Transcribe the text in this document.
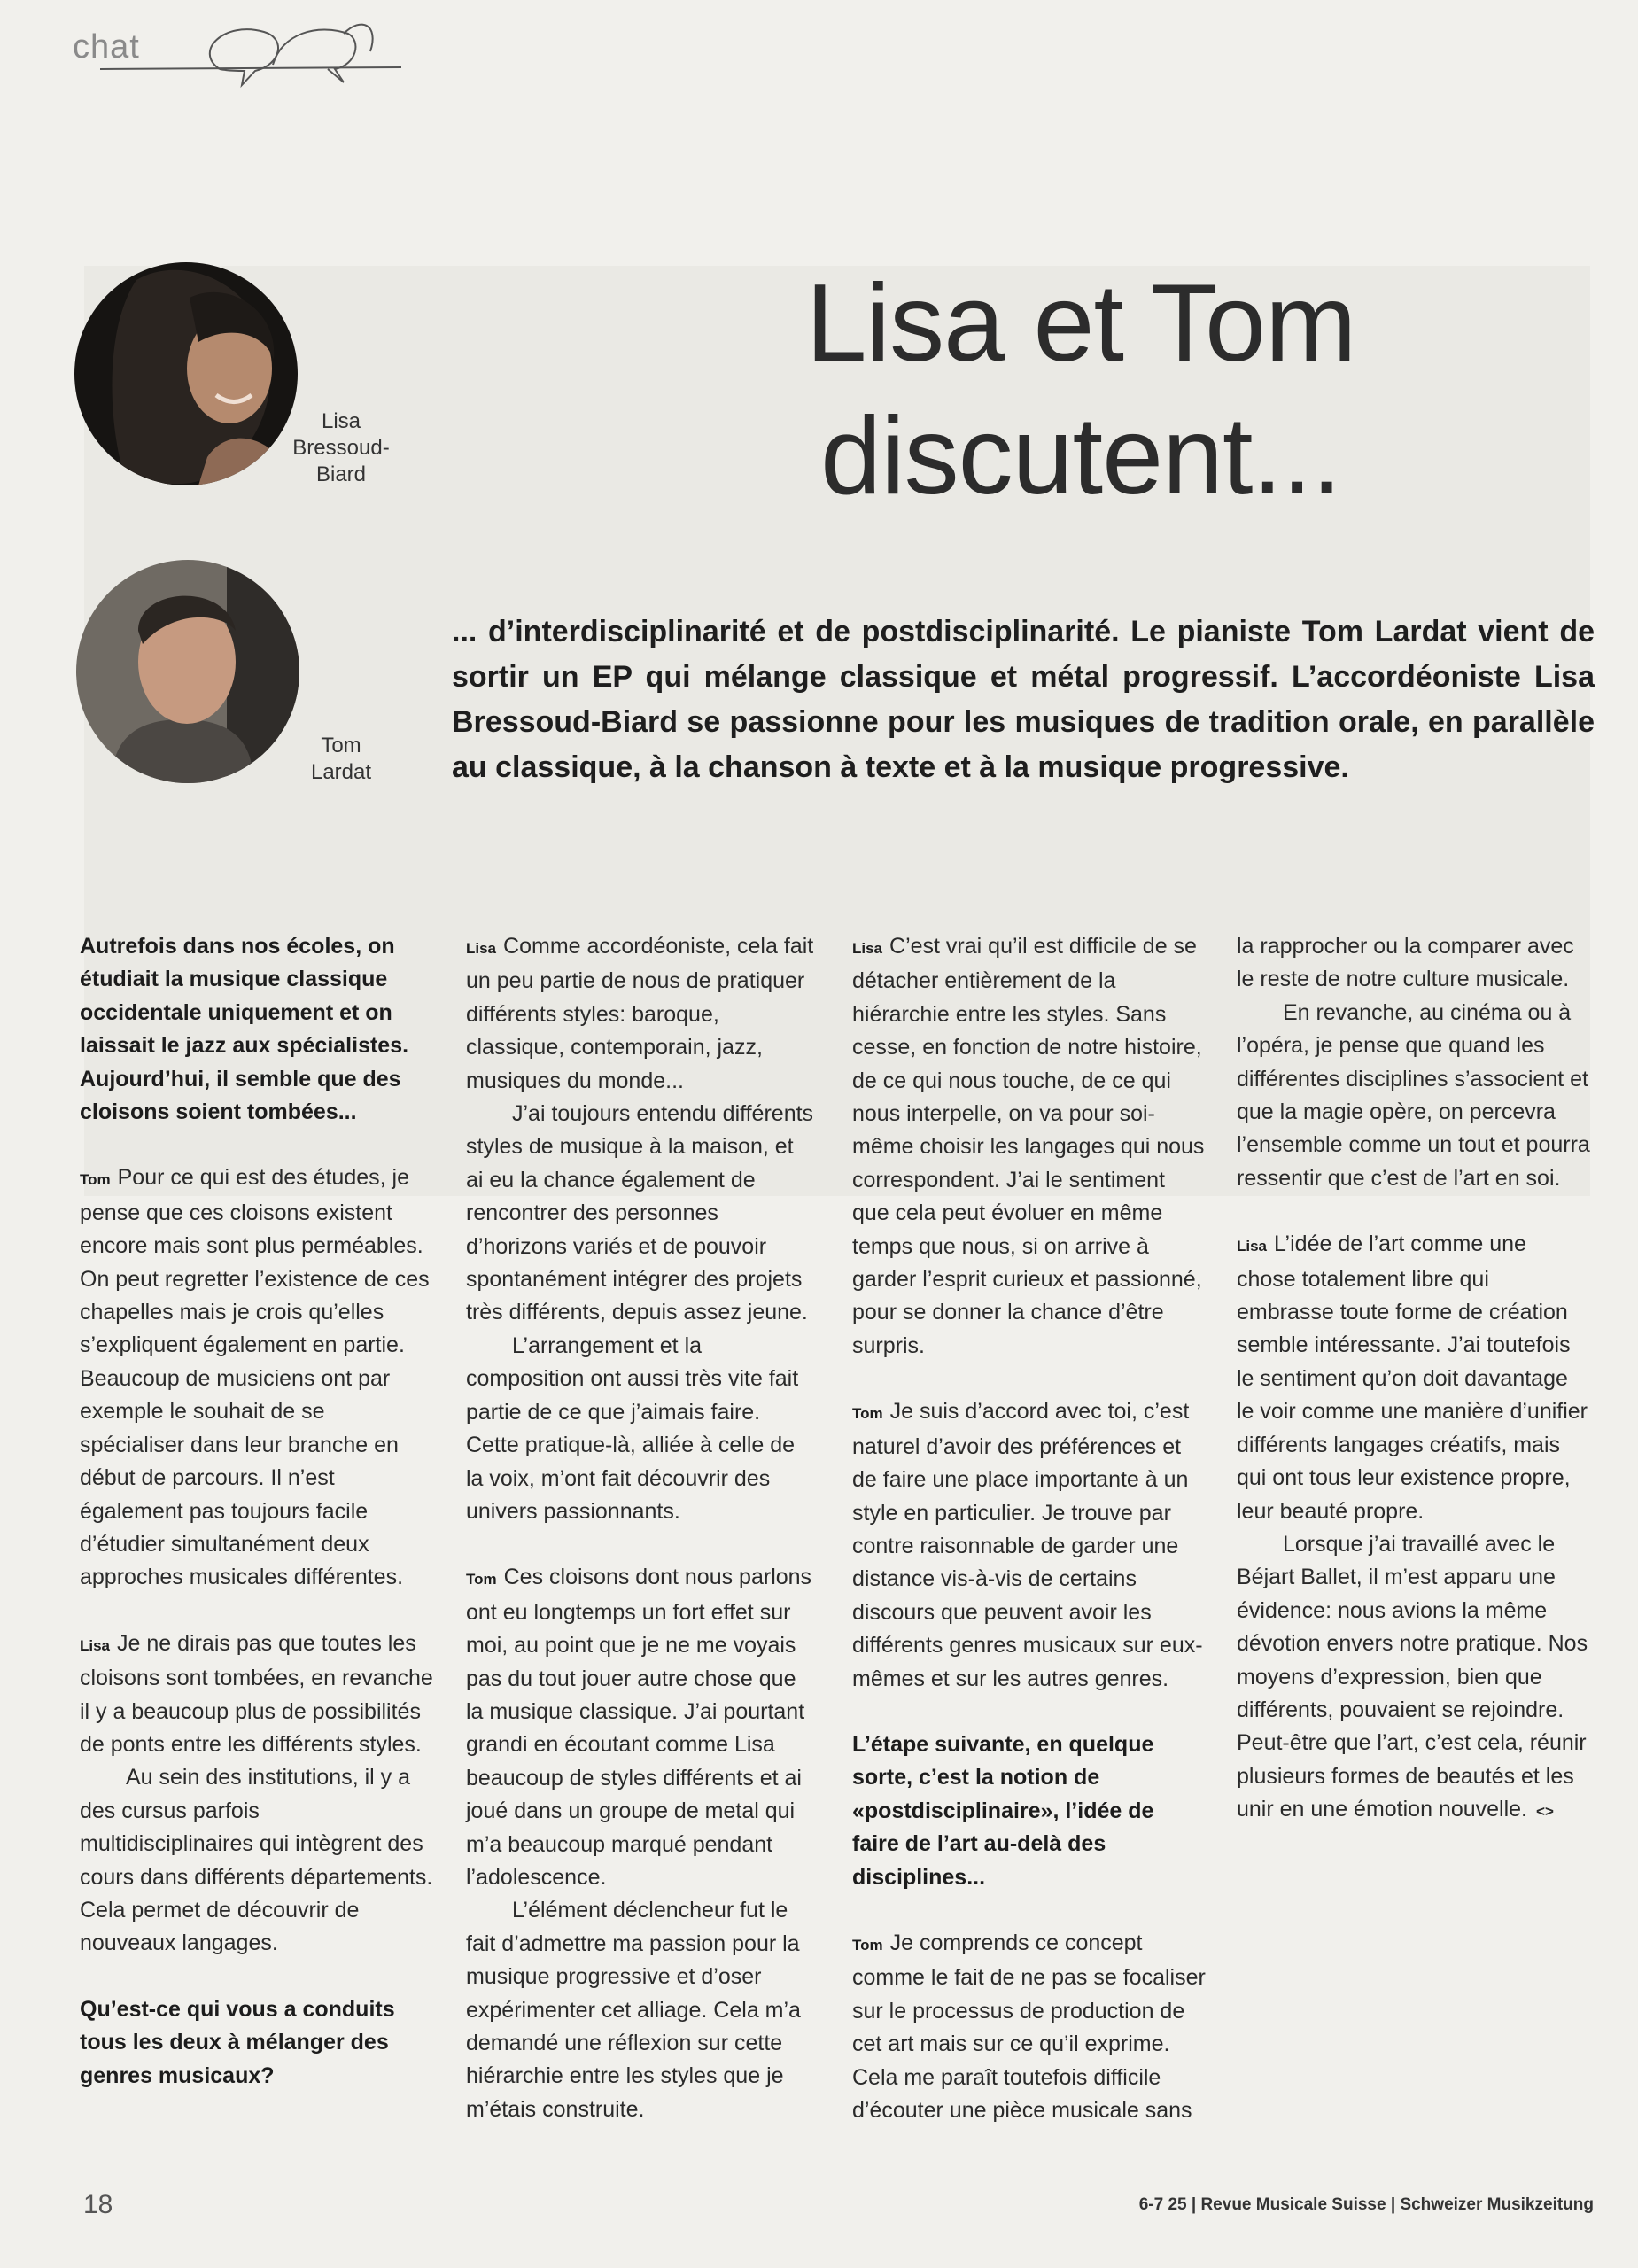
chat
Lisa et Tom
discutent...
Lisa
Bressoud-
Biard
Tom
Lardat
... d’interdisciplinarité et de postdisciplinarité. Le pianiste Tom Lardat vient de sortir un EP qui mélange classique et métal progressif. L’accordéoniste Lisa Bressoud-Biard se passionne pour les musiques de tradition orale, en parallèle au classique, à la chanson à texte et à la musique progressive.

Autrefois dans nos écoles, on étudiait la musique classique occidentale uniquement et on laissait le jazz aux spécialistes. Aujourd’hui, il semble que des cloisons soient tombées...

Tom Pour ce qui est des études, je pense que ces cloisons existent encore mais sont plus perméables. On peut regretter l’existence de ces chapelles mais je crois qu’elles s’expliquent également en partie. Beaucoup de musiciens ont par exemple le souhait de se spécialiser dans leur branche en début de parcours. Il n’est également pas toujours facile d’étudier simultanément deux approches musicales différentes.

Lisa Je ne dirais pas que toutes les cloisons sont tombées, en revanche il y a beaucoup plus de possibilités de ponts entre les différents styles.

Au sein des institutions, il y a des cursus parfois multidisciplinaires qui intègrent des cours dans différents départements. Cela permet de découvrir de nouveaux langages.

Qu’est-ce qui vous a conduits tous les deux à mélanger des genres musicaux?

Lisa Comme accordéoniste, cela fait un peu partie de nous de pratiquer différents styles: baroque, classique, contemporain, jazz, musiques du monde...

J’ai toujours entendu différents styles de musique à la maison, et ai eu la chance également de rencontrer des personnes d’horizons variés et de pouvoir spontanément intégrer des projets très différents, depuis assez jeune.

L’arrangement et la composition ont aussi très vite fait partie de ce que j’aimais faire. Cette pratique-là, alliée à celle de la voix, m’ont fait découvrir des univers passionnants.

Tom Ces cloisons dont nous parlons ont eu longtemps un fort effet sur moi, au point que je ne me voyais pas du tout jouer autre chose que la musique classique. J’ai pourtant grandi en écoutant comme Lisa beaucoup de styles différents et ai joué dans un groupe de metal qui m’a beaucoup marqué pendant l’adolescence.

L’élément déclencheur fut le fait d’admettre ma passion pour la musique progressive et d’oser expérimenter cet alliage. Cela m’a demandé une réflexion sur cette hiérarchie entre les styles que je m’étais construite.

Lisa C’est vrai qu’il est difficile de se détacher entièrement de la hiérarchie entre les styles. Sans cesse, en fonction de notre histoire, de ce qui nous touche, de ce qui nous interpelle, on va pour soi-même choisir les langages qui nous correspondent. J’ai le sentiment que cela peut évoluer en même temps que nous, si on arrive à garder l’esprit curieux et passionné, pour se donner la chance d’être surpris.

Tom Je suis d’accord avec toi, c’est naturel d’avoir des préférences et de faire une place importante à un style en particulier. Je trouve par contre raisonnable de garder une distance vis-à-vis de certains discours que peuvent avoir les différents genres musicaux sur eux-mêmes et sur les autres genres.

L’étape suivante, en quelque sorte, c’est la notion de «postdisciplinaire», l’idée de faire de l’art au-delà des disciplines...

Tom Je comprends ce concept comme le fait de ne pas se focaliser sur le processus de production de cet art mais sur ce qu’il exprime. Cela me paraît toutefois difficile d’écouter une pièce musicale sans

la rapprocher ou la comparer avec le reste de notre culture musicale.

En revanche, au cinéma ou à l’opéra, je pense que quand les différentes disciplines s’associent et que la magie opère, on percevra l’ensemble comme un tout et pourra ressentir que c’est de l’art en soi.

Lisa L’idée de l’art comme une chose totalement libre qui embrasse toute forme de création semble intéressante. J’ai toutefois le sentiment qu’on doit davantage le voir comme une manière d’unifier différents langages créatifs, mais qui ont tous leur existence propre, leur beauté propre.

Lorsque j’ai travaillé avec le Béjart Ballet, il m’est apparu une évidence: nous avions la même dévotion envers notre pratique. Nos moyens d’expression, bien que différents, pouvaient se rejoindre. Peut-être que l’art, c’est cela, réunir plusieurs formes de beautés et les unir en une émotion nouvelle. <>

18	6-7 25 | Revue Musicale Suisse | Schweizer Musikzeitung
